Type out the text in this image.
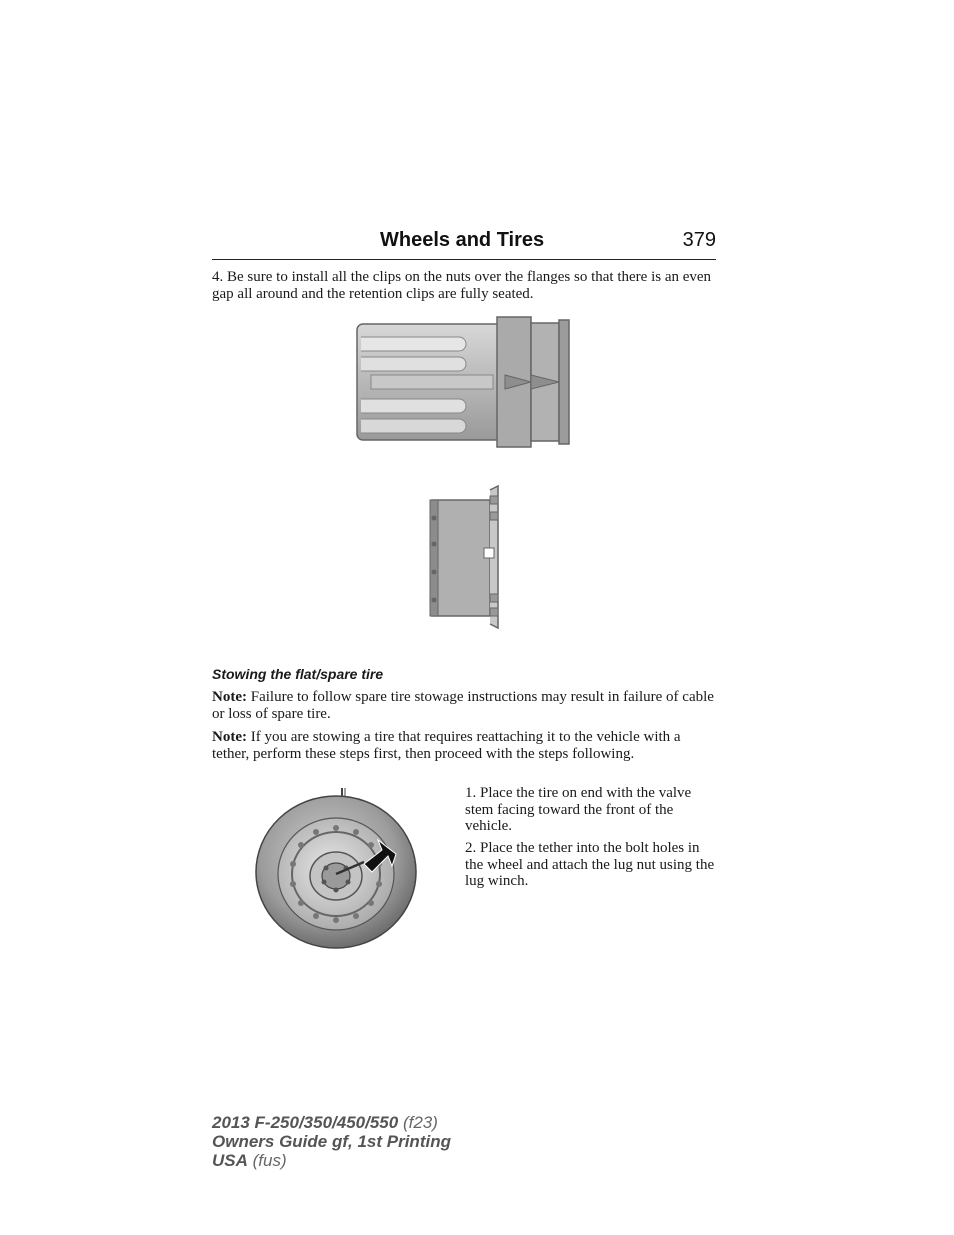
Wheels and Tires	379

4. Be sure to install all the clips on the nuts over the flanges so that there is an even gap all around and the retention clips are fully seated.

Stowing the flat/spare tire

Note: Failure to follow spare tire stowage instructions may result in failure of cable or loss of spare tire.

Note: If you are stowing a tire that requires reattaching it to the vehicle with a tether, perform these steps first, then proceed with the steps following.

1. Place the tire on end with the valve stem facing toward the front of the vehicle.

2. Place the tether into the bolt holes in the wheel and attach the lug nut using the lug winch.

2013 F-250/350/450/550 (f23)
Owners Guide gf, 1st Printing
USA (fus)
